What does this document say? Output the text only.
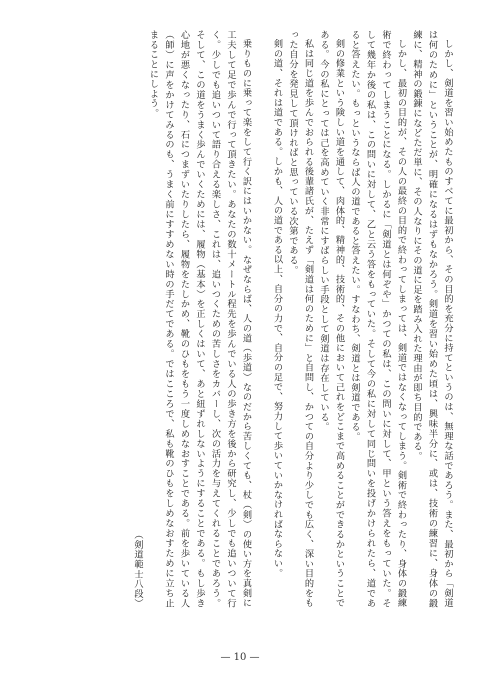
しかし、剣道を習い始めたものすべてに最初から、その目的を充分に持てというのは、無理な話であろう。また、最初から「剣道は何のために」ということが、明確になるはずもなかろう。剣道を習い始めた頃は、興味半分に、或は、技術の練習に、身体の鍛練に、精神の鍛錬になどただ単に、その人なりにその道に足を踏み入れた理由が即ち目的である。

しかし、最初の目的が、その人の最終の目的で終わってしまっては、剣道ではなくなってしまう。剣術で終わったり、身体の鍛練術で終わってしまうことになる。しかるに「剣道とは何ぞや」かつての私は、この問いに対して、甲という答えをもっていた。そして幾年か後の私は、この問いに対して、乙と云う答をもっていた。そして今の私に対して同じ問いを投げかけられたら、道であると答えたい。もっというならば人の道であると答えたい。すなわち、剣道とは剣道である。

剣の修業という険しい道を通して、肉体的、精神的、技術的、その他において己れをどこまで高めることができるかということである。今の私にとっては己を高めていく非常にすばらしい手段として剣道は存在している。

私は同じ道を歩んでおられる後輩諸氏が、たえず「剣道は何のために」と自問し、かつての自分より少しでも広く、深い目的をもった自分を発見して頂ければと思っている次第である。

剣の道、それは道である。しかも、人の道である以上、自分の力で、自分の足で、努力して歩いていかなければならない。

乗りものに乗って楽をして行く訳にはいかない。なぜならば、人の道（歩道）なのだから苦しくても、杖（剣）の使い方を真剣に工夫して足で歩んで行って頂きたい。あなたの数十メートル程先を歩んでいる人の歩き方を後から研究し、少しでも追いついて行く。少しでも追いついて語り合える楽しさ、これは、追いつくための苦しさをカバーし、次の活力を与えてくれることであろう。そして、この道をうまく歩んでいくためには、履物（基本）を正しくはいて、あと紐ずれしないようにすることである。もし歩き心地が悪くなったり、石につまずいたりしたら、履物をたしかめ、靴のひもをもう一度しめなおすことである。前を歩いている人（師）に声をかけてみるのも、うまく前にすすめない時の手だてである。ではこころで、私も靴のひもをしめなおすために立ち止まることにしよう。

（剣道範士八段）

— 10 —
